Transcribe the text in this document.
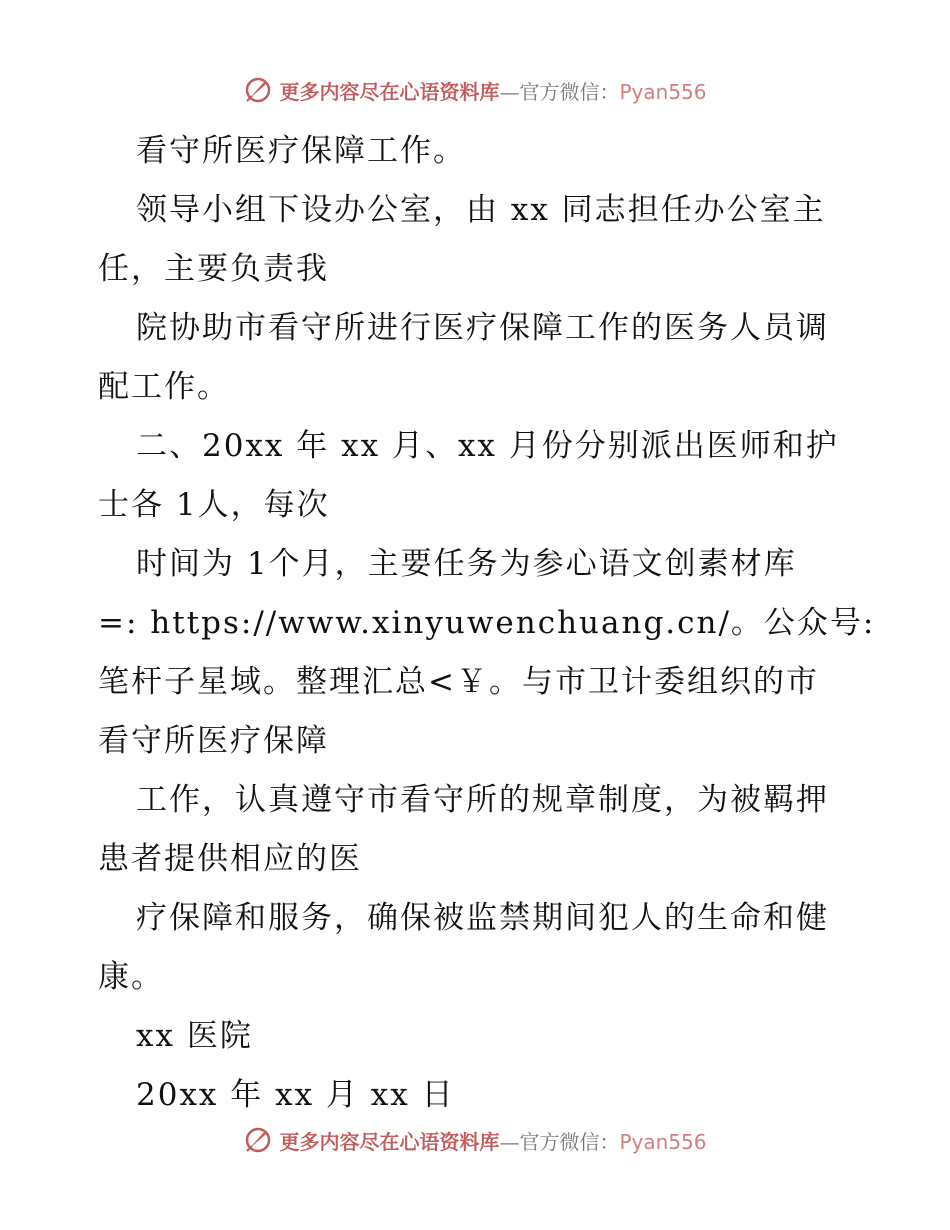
更多内容尽在心语资料库—官方微信：Pyan556
看守所医疗保障工作。
领导小组下设办公室，由 xx 同志担任办公室主
任，主要负责我
院协助市看守所进行医疗保障工作的医务人员调
配工作。
二、20xx 年 xx 月、xx 月份分别派出医师和护
士各 1人，每次
时间为 1个月，主要任务为参心语文创素材库
=: https://www.xinyuwenchuang.cn/。公众号:
笔杆子星域。整理汇总<￥。与市卫计委组织的市
看守所医疗保障
工作，认真遵守市看守所的规章制度，为被羁押
患者提供相应的医
疗保障和服务，确保被监禁期间犯人的生命和健
康。
xx 医院
20xx 年 xx 月 xx 日
更多内容尽在心语资料库—官方微信：Pyan556
